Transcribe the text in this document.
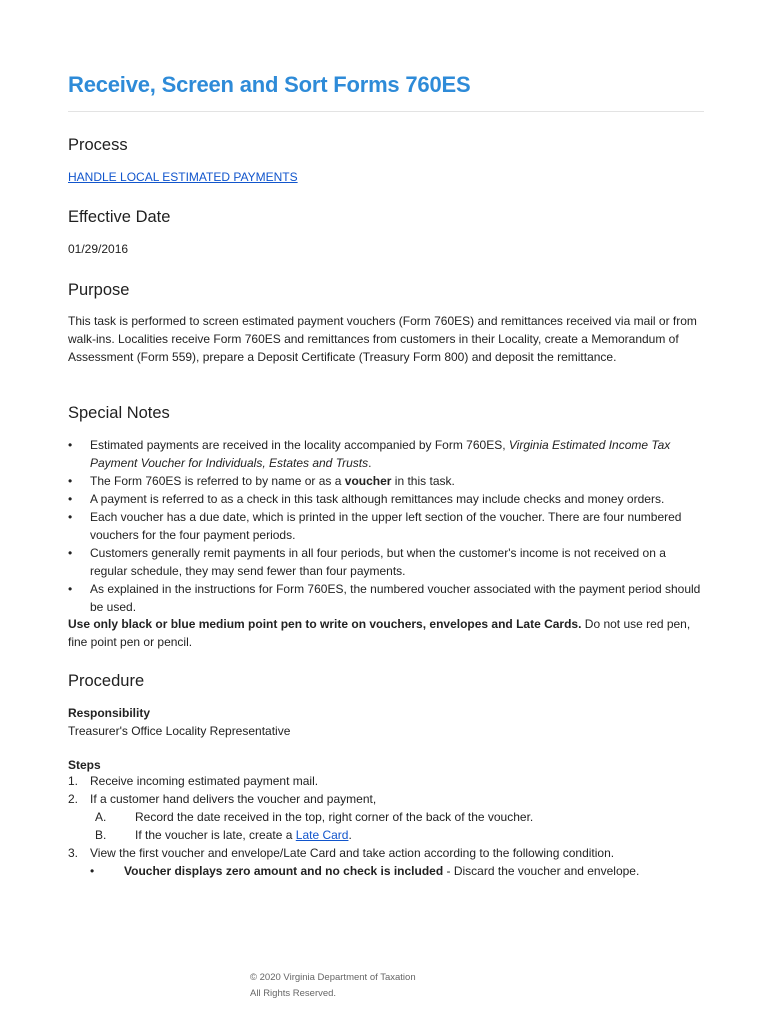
Receive, Screen and Sort Forms 760ES
Process
HANDLE LOCAL ESTIMATED PAYMENTS
Effective Date
01/29/2016
Purpose

This task is performed to screen estimated payment vouchers (Form 760ES) and remittances received via mail or from walk-ins. Localities receive Form 760ES and remittances from customers in their Locality, create a Memorandum of Assessment (Form 559), prepare a Deposit Certificate (Treasury Form 800) and deposit the remittance.

Special Notes
• Estimated payments are received in the locality accompanied by Form 760ES, Virginia Estimated Income Tax Payment Voucher for Individuals, Estates and Trusts.
• The Form 760ES is referred to by name or as a voucher in this task.
• A payment is referred to as a check in this task although remittances may include checks and money orders.
• Each voucher has a due date, which is printed in the upper left section of the voucher. There are four numbered vouchers for the four payment periods.
• Customers generally remit payments in all four periods, but when the customer's income is not received on a regular schedule, they may send fewer than four payments.
• As explained in the instructions for Form 760ES, the numbered voucher associated with the payment period should be used.

Use only black or blue medium point pen to write on vouchers, envelopes and Late Cards. Do not use red pen, fine point pen or pencil.

Procedure
Responsibility
Treasurer's Office Locality Representative
Steps
1. Receive incoming estimated payment mail.
2. If a customer hand delivers the voucher and payment,
A. Record the date received in the top, right corner of the back of the voucher.
B. If the voucher is late, create a Late Card.
3. View the first voucher and envelope/Late Card and take action according to the following condition.
• Voucher displays zero amount and no check is included - Discard the voucher and envelope.
© 2020 Virginia Department of Taxation
All Rights Reserved.
